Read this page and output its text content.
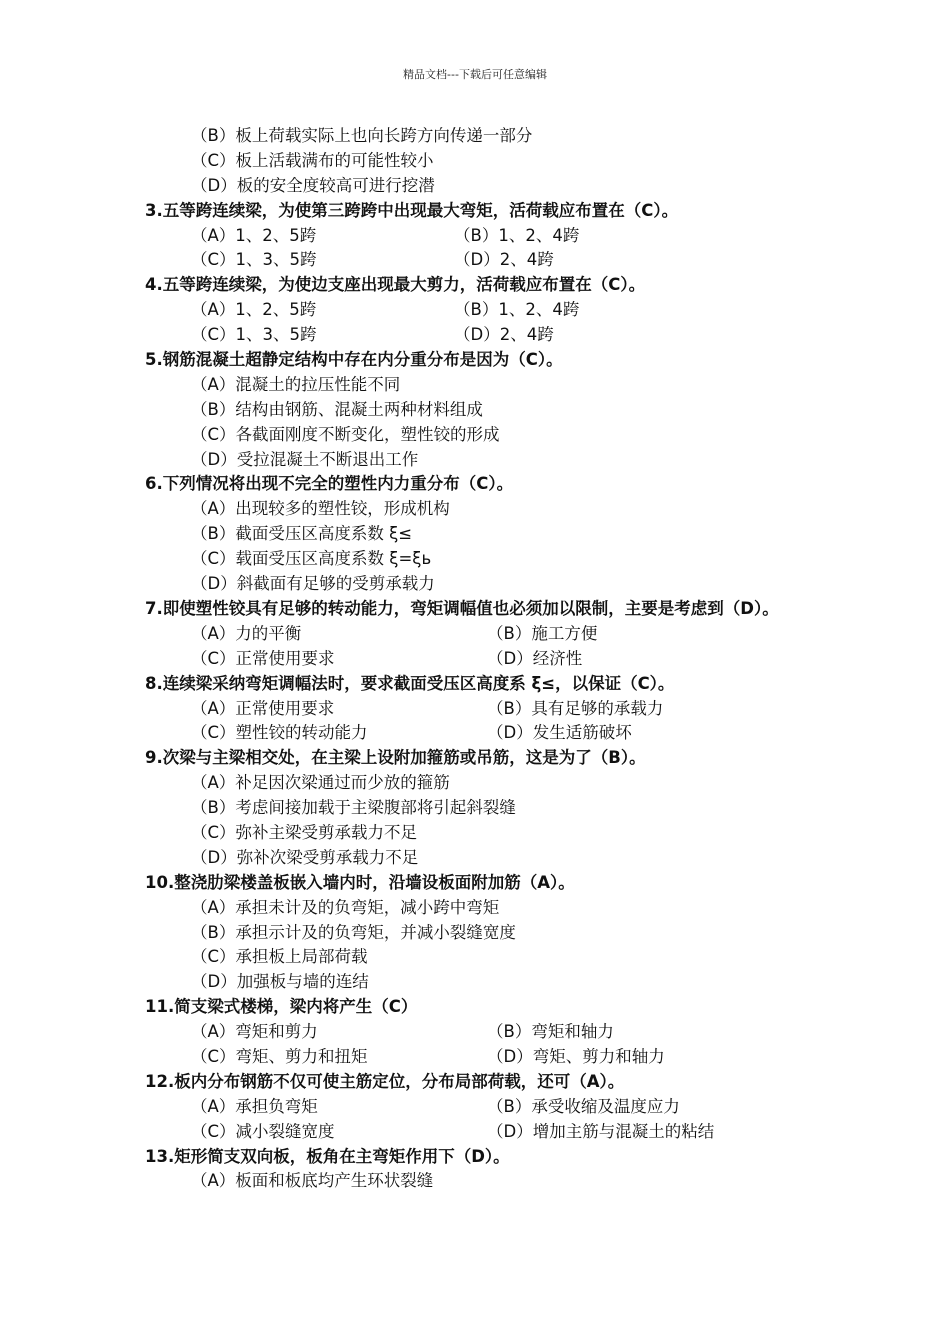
精品文档---下载后可任意编辑
（B）板上荷载实际上也向长跨方向传递一部分
（C）板上活载满布的可能性较小
（D）板的安全度较高可进行挖潜
3.五等跨连续梁，为使第三跨跨中出现最大弯矩，活荷载应布置在（C）。
（A）1、2、5跨	（B）1、2、4跨
（C）1、3、5跨	（D）2、4跨
4.五等跨连续梁，为使边支座出现最大剪力，活荷载应布置在（C）。
（A）1、2、5跨	（B）1、2、4跨
（C）1、3、5跨	（D）2、4跨
5.钢筋混凝土超静定结构中存在内分重分布是因为（C）。
（A）混凝土的拉压性能不同
（B）结构由钢筋、混凝土两种材料组成
（C）各截面刚度不断变化，塑性铰的形成
（D）受拉混凝土不断退出工作
6.下列情况将出现不完全的塑性内力重分布（C）。
（A）出现较多的塑性铰，形成机构
（B）截面受压区高度系数 ξ≤
（C）载面受压区高度系数 ξ=ξь
（D）斜截面有足够的受剪承载力
7.即使塑性铰具有足够的转动能力，弯矩调幅值也必须加以限制，主要是考虑到（D）。
（A）力的平衡	（B）施工方便
（C）正常使用要求	（D）经济性
8.连续梁采纳弯矩调幅法时，要求截面受压区高度系 ξ≤，以保证（C）。
（A）正常使用要求	（B）具有足够的承载力
（C）塑性铰的转动能力	（D）发生适筋破坏
9.次梁与主梁相交处，在主梁上设附加箍筋或吊筋，这是为了（B）。
（A）补足因次梁通过而少放的箍筋
（B）考虑间接加载于主梁腹部将引起斜裂缝
（C）弥补主梁受剪承载力不足
（D）弥补次梁受剪承载力不足
10.整浇肋梁楼盖板嵌入墙内时，沿墙设板面附加筋（A）。
（A）承担未计及的负弯矩，减小跨中弯矩
（B）承担示计及的负弯矩，并减小裂缝宽度
（C）承担板上局部荷载
（D）加强板与墙的连结
11.简支梁式楼梯，梁内将产生（C）
（A）弯矩和剪力	（B）弯矩和轴力
（C）弯矩、剪力和扭矩	（D）弯矩、剪力和轴力
12.板内分布钢筋不仅可使主筋定位，分布局部荷载，还可（A）。
（A）承担负弯矩	（B）承受收缩及温度应力
（C）减小裂缝宽度	（D）增加主筋与混凝土的粘结
13.矩形简支双向板，板角在主弯矩作用下（D）。
（A）板面和板底均产生环状裂缝
